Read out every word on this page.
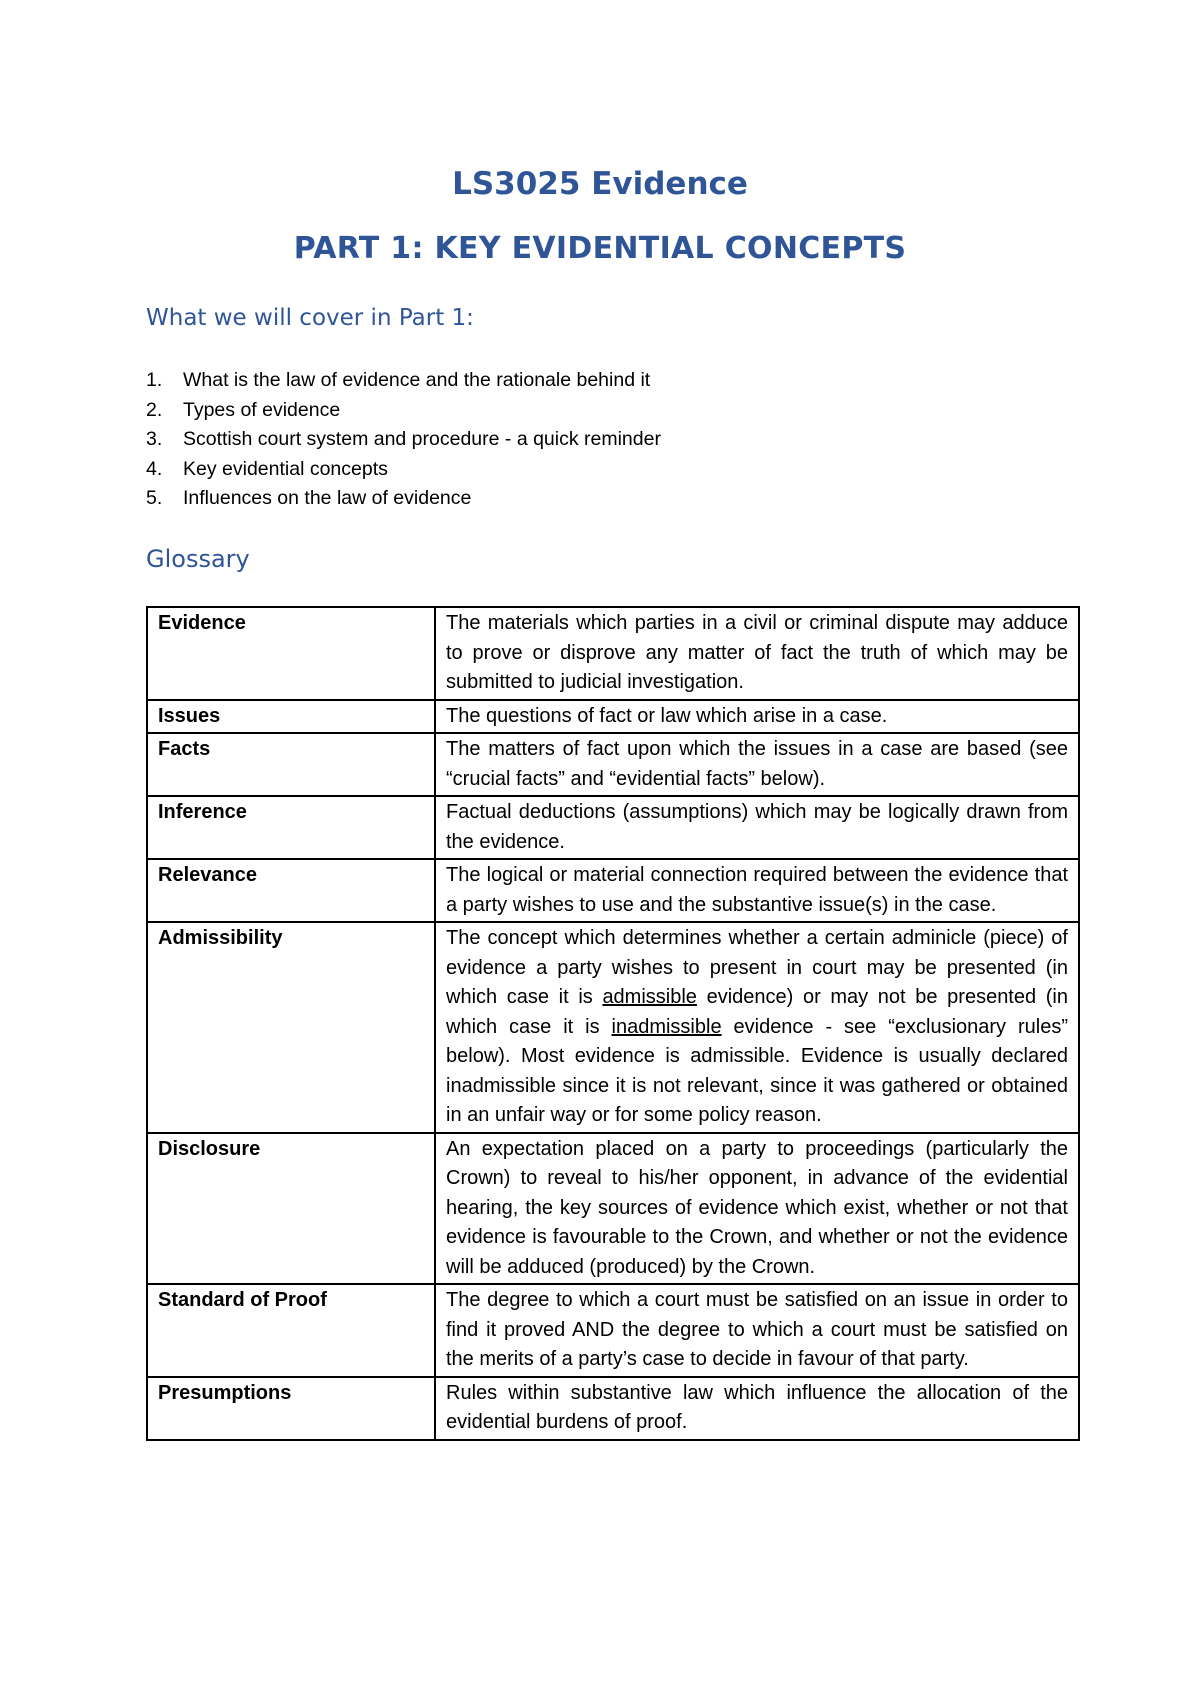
LS3025 Evidence
PART 1: KEY EVIDENTIAL CONCEPTS
What we will cover in Part 1:
1.	What is the law of evidence and the rationale behind it
2.	Types of evidence
3.	Scottish court system and procedure - a quick reminder
4.	Key evidential concepts
5.	Influences on the law of evidence
Glossary
Evidence	The materials which parties in a civil or criminal dispute may adduce to prove or disprove any matter of fact the truth of which may be submitted to judicial investigation.
Issues	The questions of fact or law which arise in a case.
Facts	The matters of fact upon which the issues in a case are based (see “crucial facts” and “evidential facts” below).
Inference	Factual deductions (assumptions) which may be logically drawn from the evidence.
Relevance	The logical or material connection required between the evidence that a party wishes to use and the substantive issue(s) in the case.
Admissibility	The concept which determines whether a certain adminicle (piece) of evidence a party wishes to present in court may be presented (in which case it is admissible evidence) or may not be presented (in which case it is inadmissible evidence - see “exclusionary rules” below). Most evidence is admissible. Evidence is usually declared inadmissible since it is not relevant, since it was gathered or obtained in an unfair way or for some policy reason.
Disclosure	An expectation placed on a party to proceedings (particularly the Crown) to reveal to his/her opponent, in advance of the evidential hearing, the key sources of evidence which exist, whether or not that evidence is favourable to the Crown, and whether or not the evidence will be adduced (produced) by the Crown.
Standard of Proof	The degree to which a court must be satisfied on an issue in order to find it proved AND the degree to which a court must be satisfied on the merits of a party’s case to decide in favour of that party.
Presumptions	Rules within substantive law which influence the allocation of the evidential burdens of proof.
